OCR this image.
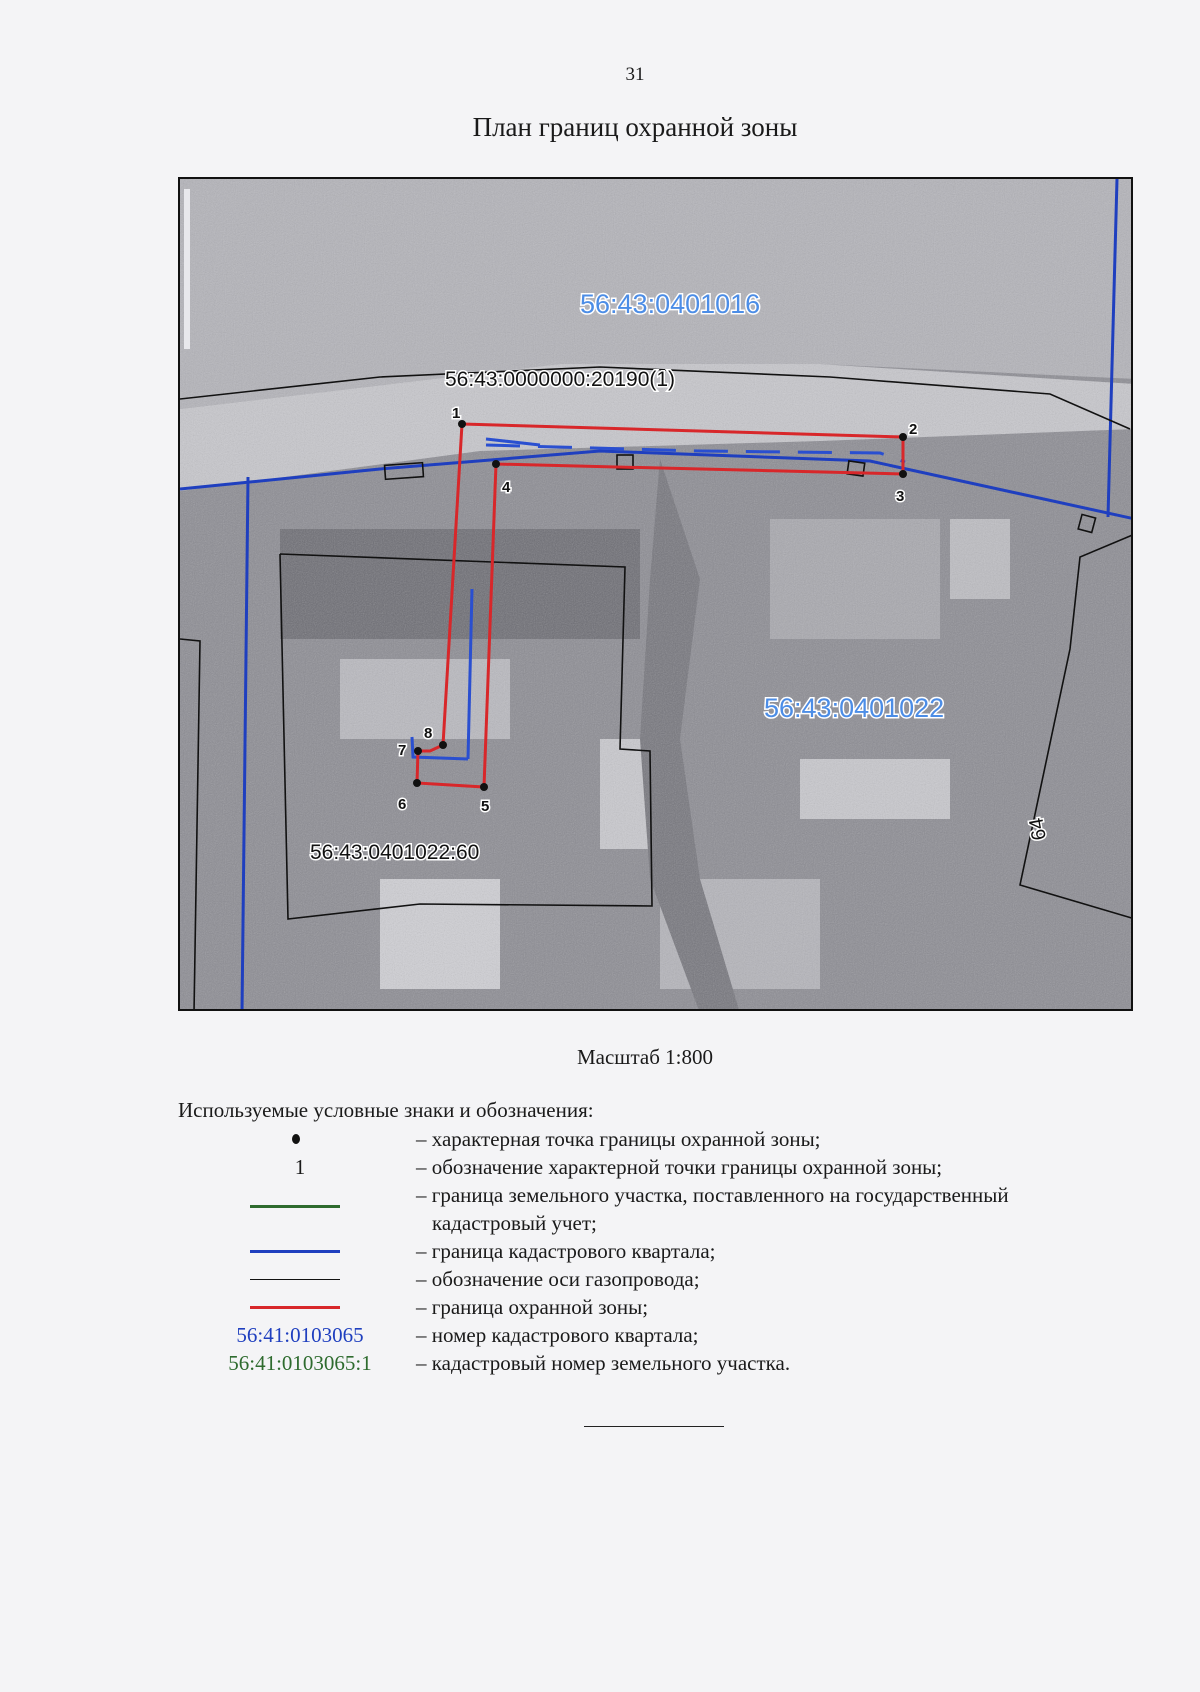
31
План границ охранной зоны
1
2
3
4
5
6
7
8
56:43:0401016
56:43:0000000:20190(1)
56:43:0401022
56:43:0401022:60
64
Масштаб 1:800
Используемые условные знаки и обозначения:
– характерная точка границы охранной зоны;
1	– обозначение характерной точки границы охранной зоны;
– граница земельного участка, поставленного на государственный
кадастровый учет;
– граница кадастрового квартала;
– обозначение оси газопровода;
– граница охранной зоны;
56:41:0103065	– номер кадастрового квартала;
56:41:0103065:1	– кадастровый номер земельного участка.
